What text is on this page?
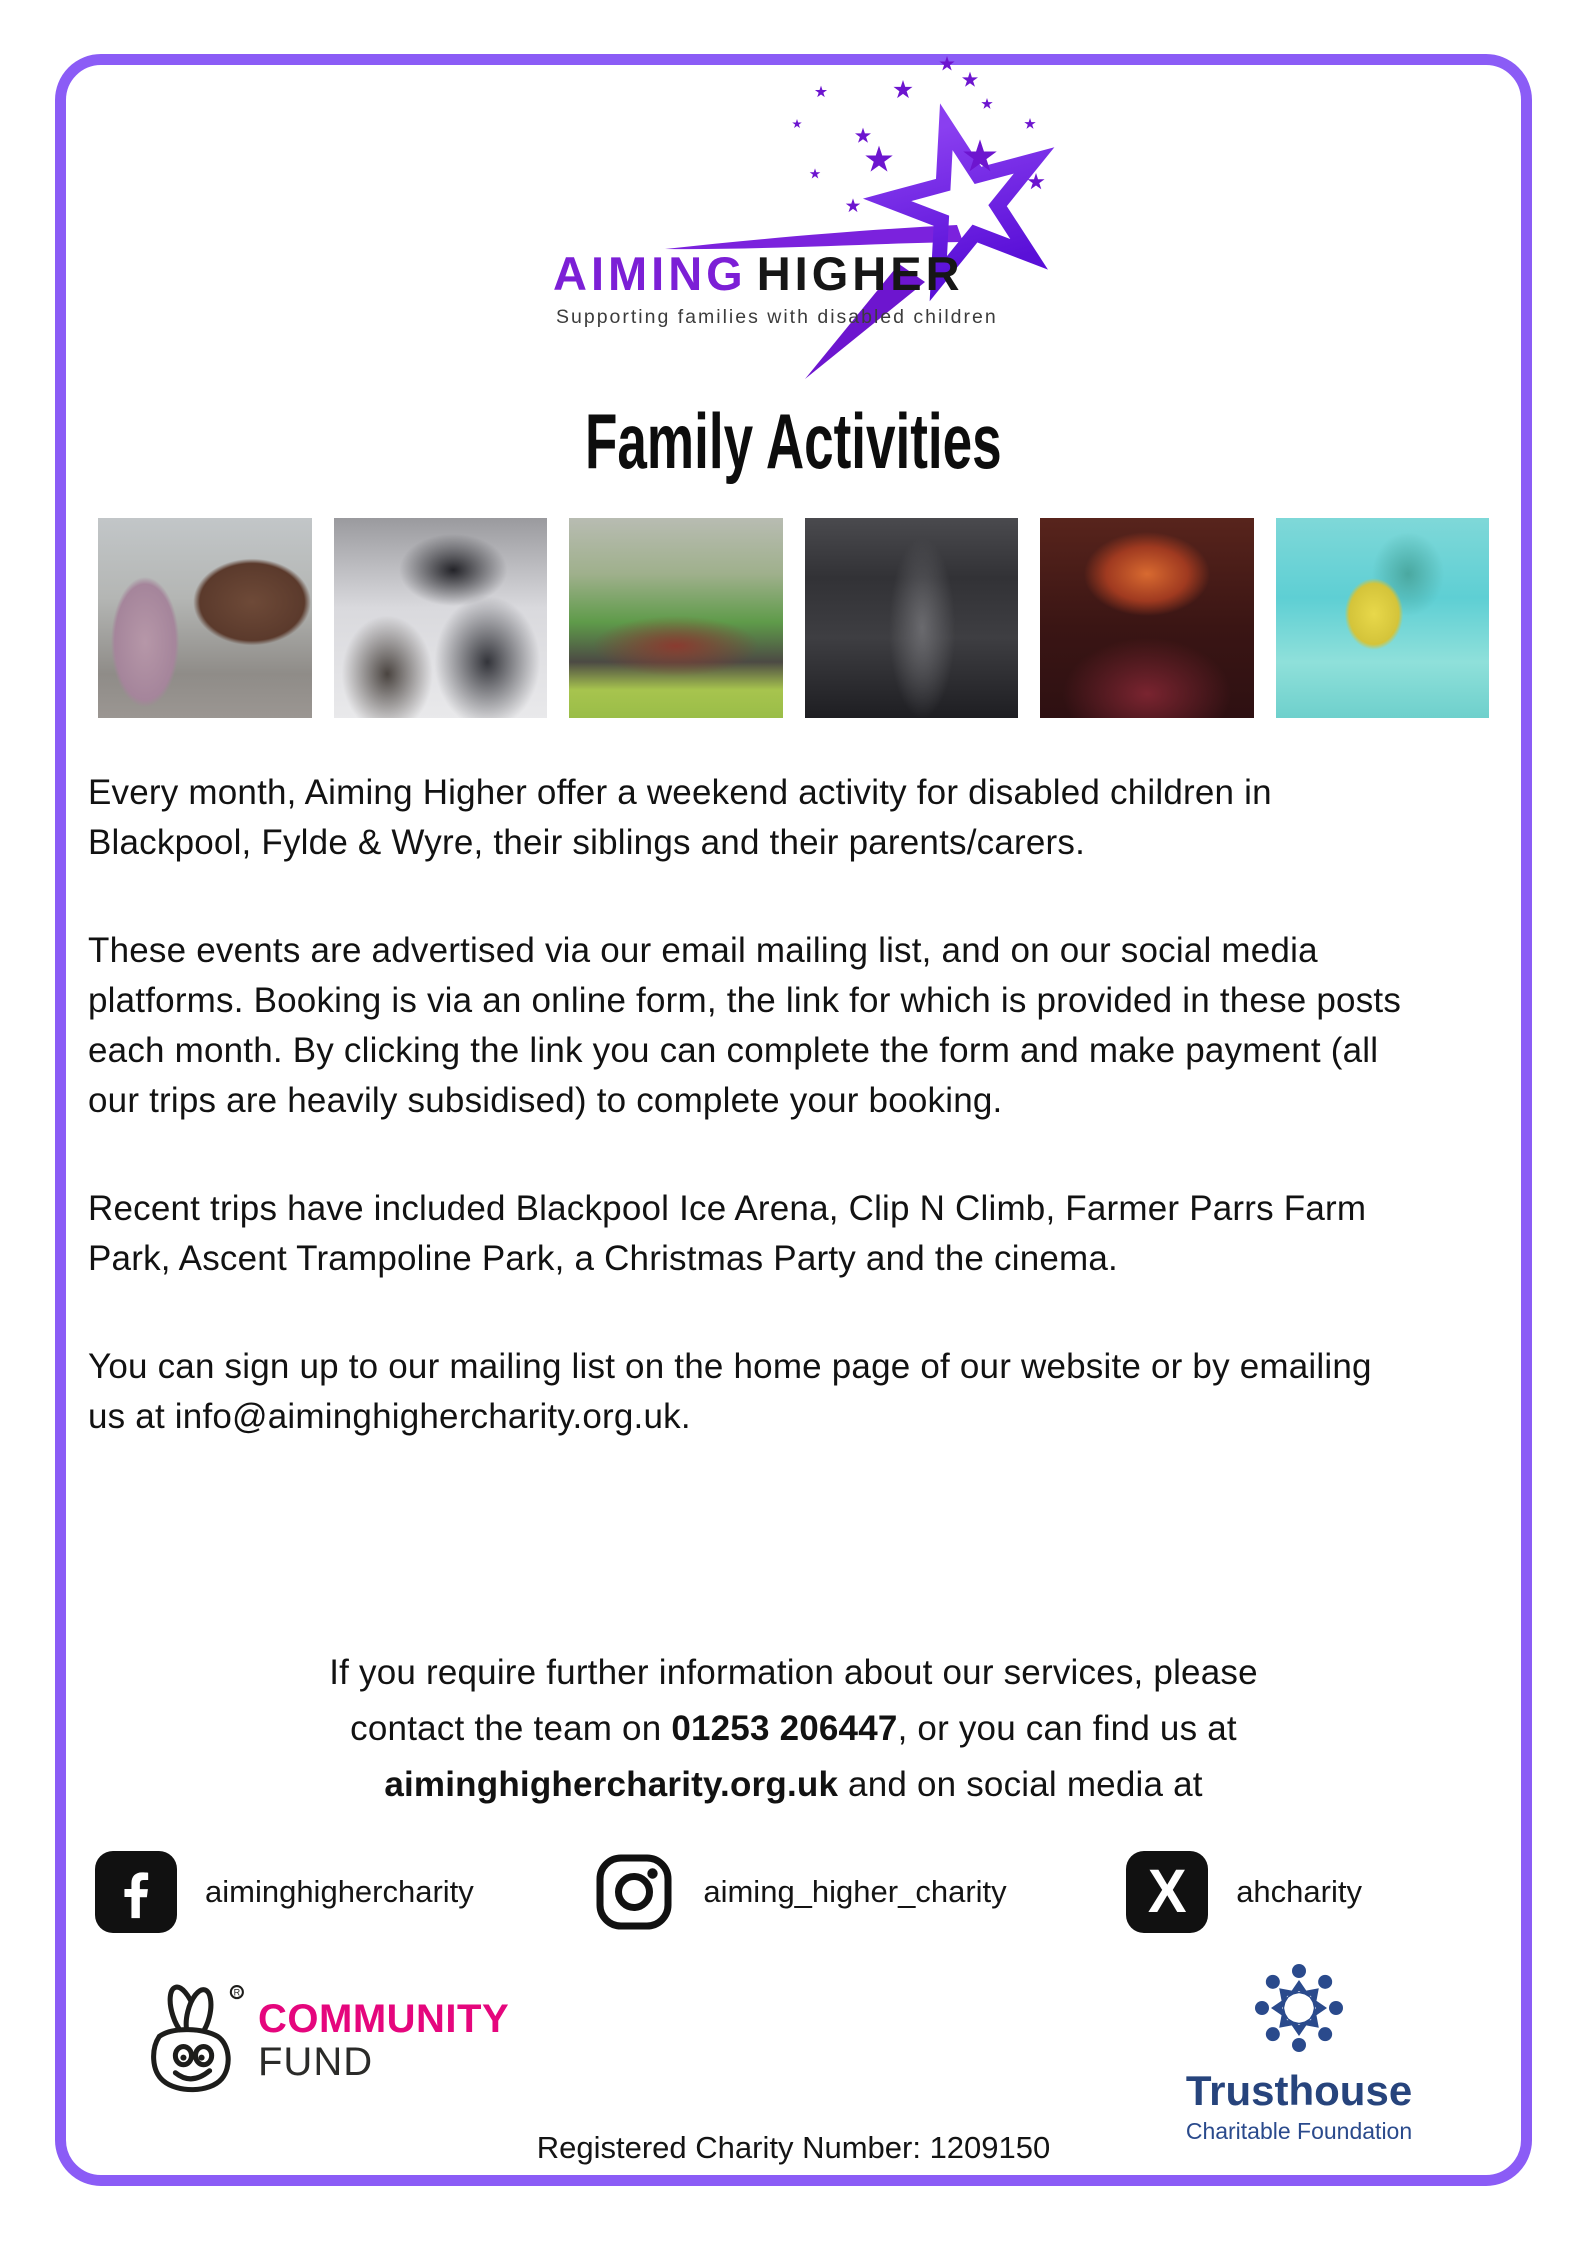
AIMING HIGHER
Supporting families with disabled children
Family Activities

Every month, Aiming Higher offer a weekend activity for disabled children in Blackpool, Fylde & Wyre, their siblings and their parents/carers.

These events are advertised via our email mailing list, and on our social media platforms. Booking is via an online form, the link for which is provided in these posts each month. By clicking the link you can complete the form and make payment (all our trips are heavily subsidised) to complete your booking.

Recent trips have included Blackpool Ice Arena, Clip N Climb, Farmer Parrs Farm Park, Ascent Trampoline Park, a Christmas Party and the cinema.

You can sign up to our mailing list on the home page of our website or by emailing us at info@aiminghighercharity.org.uk.

If you require further information about our services, please
contact the team on 01253 206447, or you can find us at
aiminghighercharity.org.uk and on social media at
aiminghighercharity	aiming_higher_charity X ahcharity
R
COMMUNITY
FUND
Trusthouse
Charitable Foundation
Registered Charity Number: 1209150
